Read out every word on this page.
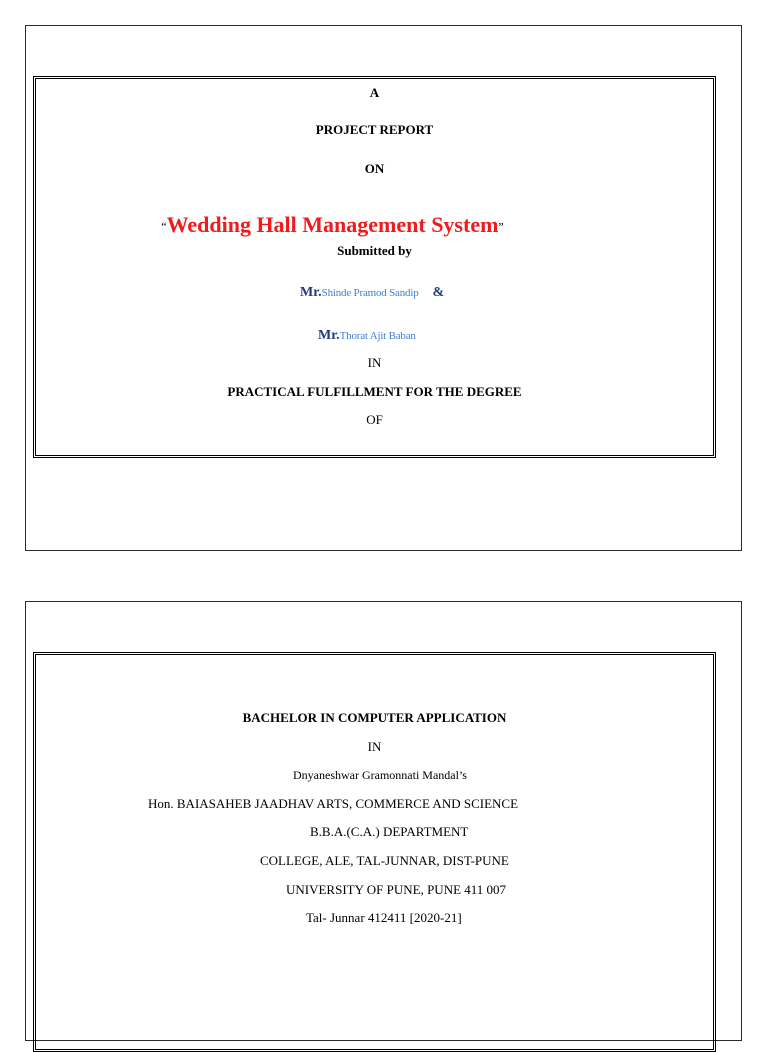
A
PROJECT REPORT
ON
“Wedding Hall Management System”
Submitted by
Mr.Shinde Pramod Sandip &
Mr.Thorat Ajit Baban
IN
PRACTICAL FULFILLMENT FOR THE DEGREE
OF
BACHELOR IN COMPUTER APPLICATION
IN
Dnyaneshwar Gramonnati Mandal’s
Hon. BAIASAHEB JAADHAV ARTS, COMMERCE AND SCIENCE
B.B.A.(C.A.) DEPARTMENT
COLLEGE, ALE, TAL-JUNNAR, DIST-PUNE
UNIVERSITY OF PUNE, PUNE 411 007
Tal- Junnar 412411 [2020-21]
